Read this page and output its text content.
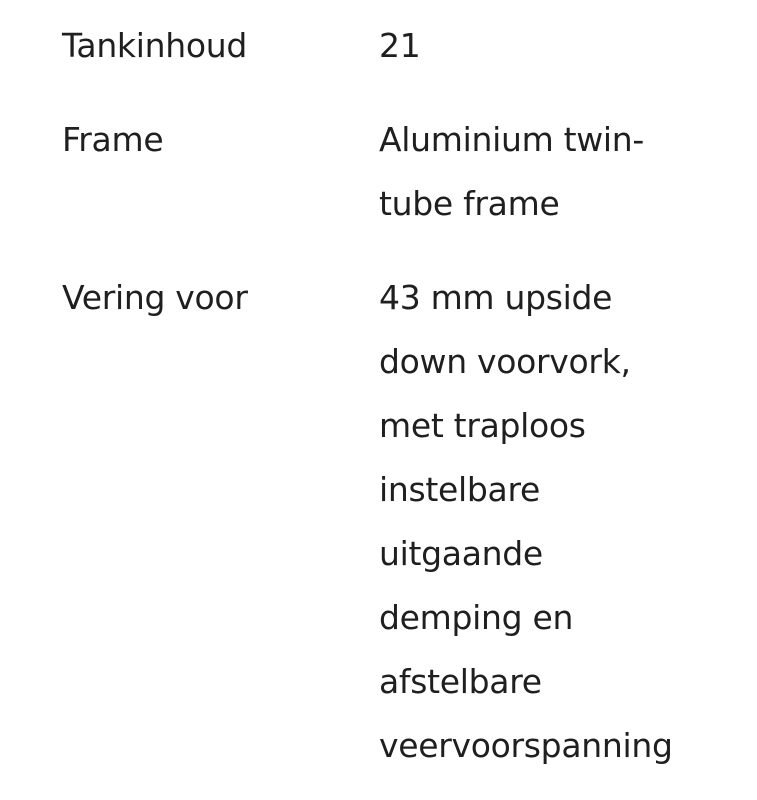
Tankinhoud	21
Frame	Aluminium twin-
tube frame
Vering voor	43 mm upside
down voorvork,
met traploos
instelbare
uitgaande
demping en
afstelbare
veervoorspanning
